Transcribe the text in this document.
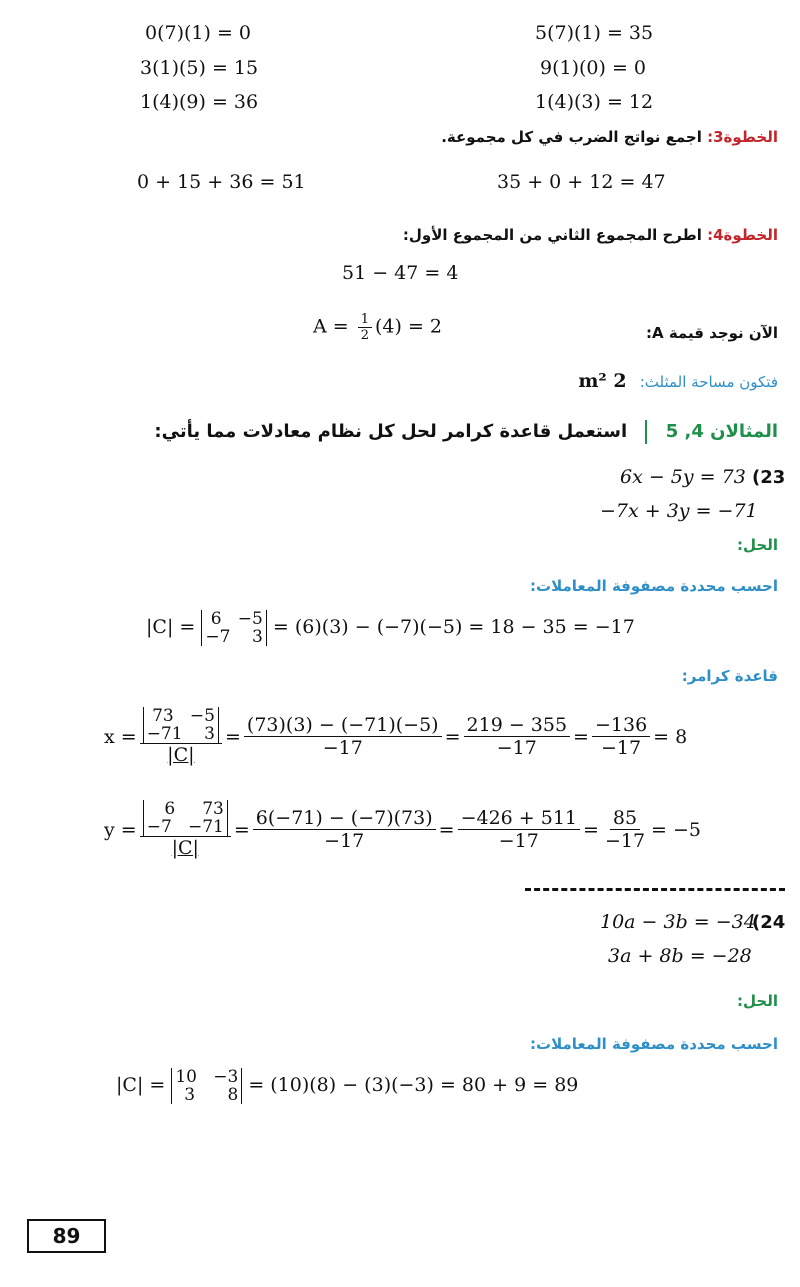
0(7)(1) = 0
3(1)(5) = 15
1(4)(9) = 36
5(7)(1) = 35
9(1)(0) = 0
1(4)(3) = 12
الخطوة3: اجمع نواتج الضرب في كل مجموعة.
0 + 15 + 36 = 51	35 + 0 + 12 = 47
الخطوة4: اطرح المجموع الثاني من المجموع الأول:
51 − 47 = 4
$A = \frac{1}{2} (4) = 2$	الآن نوجد قيمة A:
فتكون مساحة المثلث: 2 m²
المثالان 4, 5  استعمل قاعدة كرامر لحل كل نظام معادلات مما يأتي:
(23
6x − 5y = 73
−7x + 3y = −71
الحل:
احسب محددة مصفوفة المعاملات:
|C| = 6   −5
−7    3 = (6)(3) − (−7)(−5) = 18 − 35 = −17
قاعدة كرامر:
x = 73   −5
−71    3
$|C| = \frac{(73)(3) - (-71)(-5)}{-17} = \frac{219 - 355}{-17} = \frac{-136}{-17} = 8$
y = 6     73
−7   −71
$|C| = \frac{6(-71) - (-7)(73)}{-17} = \frac{-426 + 511}{-17} = \frac{85}{-17} = -5$
(24
10a − 3b = −34
3a + 8b = −28
الحل:
احسب محددة مصفوفة المعاملات:
|C| = 10   −3
3      8 = (10)(8) − (3)(−3) = 80 + 9 = 89
89
